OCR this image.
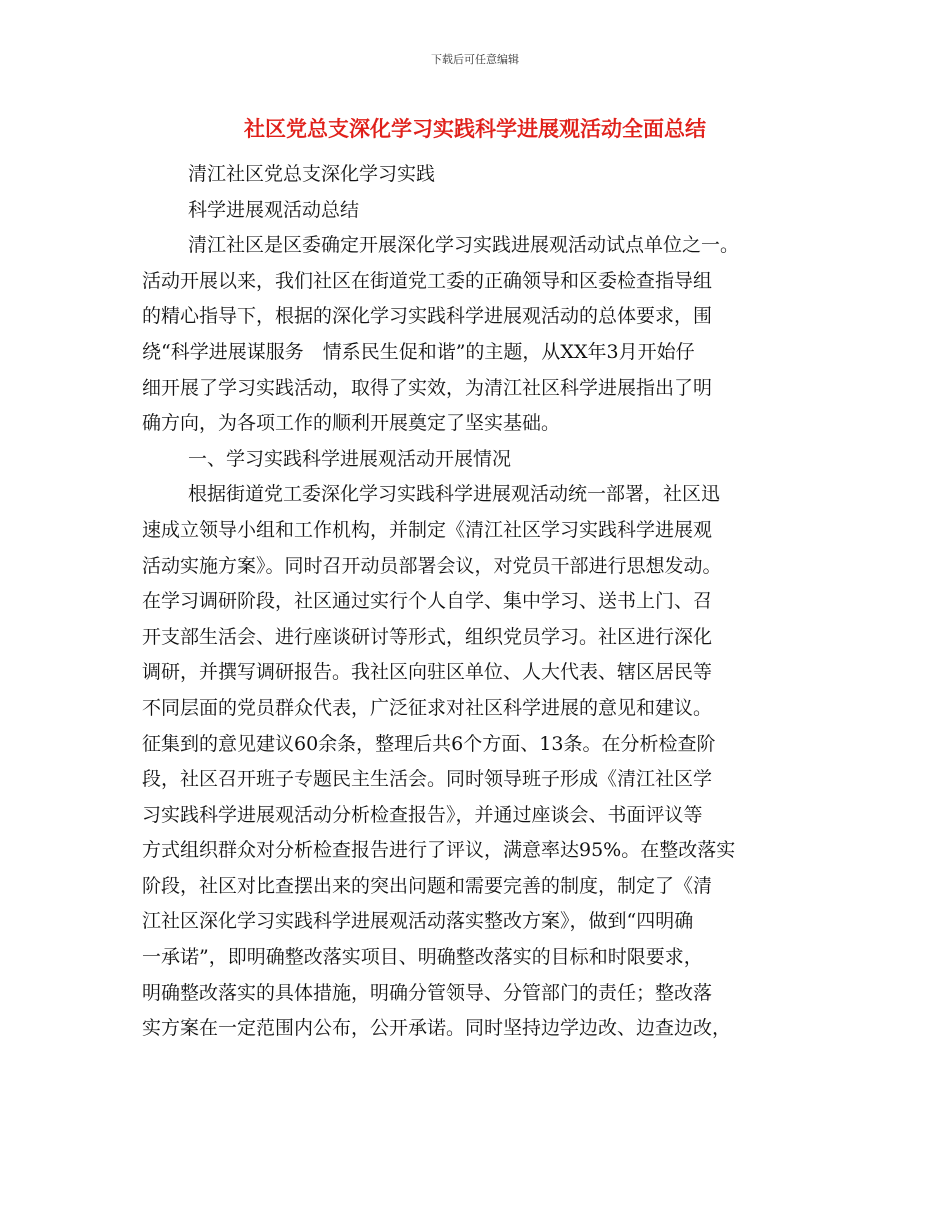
下载后可任意编辑
社区党总支深化学习实践科学进展观活动全面总结
清江社区党总支深化学习实践
科学进展观活动总结
清江社区是区委确定开展深化学习实践进展观活动试点单位之一。
活动开展以来，我们社区在街道党工委的正确领导和区委检查指导组
的精心指导下，根据的深化学习实践科学进展观活动的总体要求，围
绕“科学进展谋服务　情系民生促和谐”的主题，从XX年3月开始仔
细开展了学习实践活动，取得了实效，为清江社区科学进展指出了明
确方向，为各项工作的顺利开展奠定了坚实基础。
一、学习实践科学进展观活动开展情况
根据街道党工委深化学习实践科学进展观活动统一部署，社区迅
速成立领导小组和工作机构，并制定《清江社区学习实践科学进展观
活动实施方案》。同时召开动员部署会议，对党员干部进行思想发动。
在学习调研阶段，社区通过实行个人自学、集中学习、送书上门、召
开支部生活会、进行座谈研讨等形式，组织党员学习。社区进行深化
调研，并撰写调研报告。我社区向驻区单位、人大代表、辖区居民等
不同层面的党员群众代表，广泛征求对社区科学进展的意见和建议。
征集到的意见建议60余条，整理后共6个方面、13条。在分析检查阶
段，社区召开班子专题民主生活会。同时领导班子形成《清江社区学
习实践科学进展观活动分析检查报告》，并通过座谈会、书面评议等
方式组织群众对分析检查报告进行了评议，满意率达95%。在整改落实
阶段，社区对比查摆出来的突出问题和需要完善的制度，制定了《清
江社区深化学习实践科学进展观活动落实整改方案》，做到“四明确
一承诺”，即明确整改落实项目、明确整改落实的目标和时限要求，
明确整改落实的具体措施，明确分管领导、分管部门的责任；整改落
实方案在一定范围内公布，公开承诺。同时坚持边学边改、边查边改，
